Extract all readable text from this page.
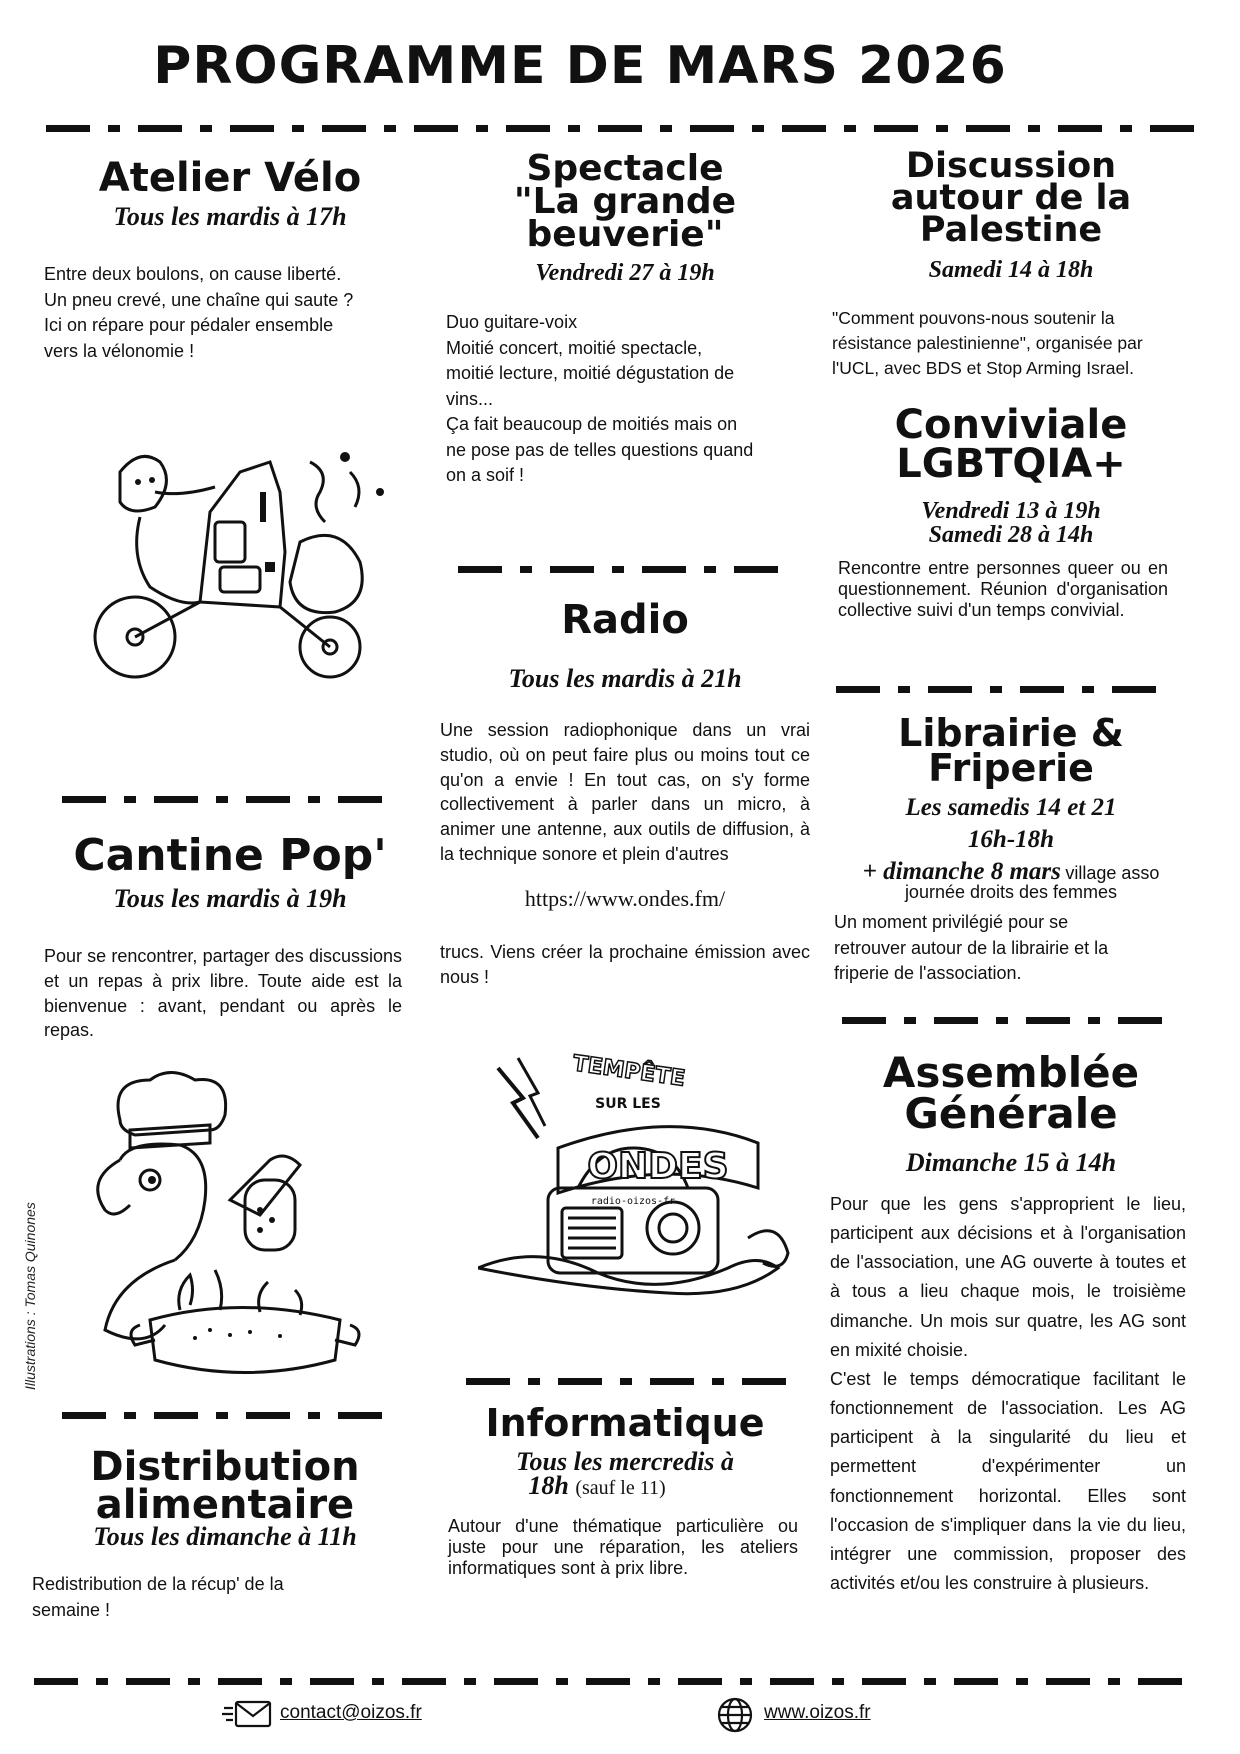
PROGRAMME DE MARS 2026
Atelier Vélo
Tous les mardis à 17h
Entre deux boulons, on cause liberté.
Un pneu crevé, une chaîne qui saute ?
Ici on répare pour pédaler ensemble
vers la vélonomie !
Cantine Pop'
Tous les mardis à 19h
Pour se rencontrer, partager des discussions et un repas à prix libre. Toute aide est la bienvenue : avant, pendant ou après le repas.
Illustrations : Tomas Quinones
Distribution
alimentaire
Tous les dimanche à 11h
Redistribution de la récup' de la
semaine !
Spectacle
"La grande
beuverie"
Vendredi 27 à 19h
Duo guitare-voix
Moitié concert, moitié spectacle,
moitié lecture, moitié dégustation de
vins...
Ça fait beaucoup de moitiés mais on
ne pose pas de telles questions quand
on a soif !
Radio
Tous les mardis à 21h
Une session radiophonique dans un vrai studio, où on peut faire plus ou moins tout ce qu'on a envie ! En tout cas, on s'y forme collectivement à parler dans un micro, à animer une antenne, aux outils de diffusion, à la technique sonore et plein d'autres
https://www.ondes.fm/
trucs. Viens créer la prochaine émission avec nous !
TEMPÊTE
SUR LES
ONDES
radio-oizos-fr
Informatique
Tous les mercredis à
18h (sauf le 11)
Autour d'une thématique particulière ou juste pour une réparation, les ateliers informatiques sont à prix libre.
Discussion
autour de la
Palestine
Samedi 14 à 18h
"Comment pouvons-nous soutenir la
résistance palestinienne", organisée par
l'UCL, avec BDS et Stop Arming Israel.
Conviviale
LGBTQIA+
Vendredi 13 à 19h
Samedi 28 à 14h
Rencontre entre personnes queer ou en questionnement. Réunion d'organisation collective suivi d'un temps convivial.
Librairie &
Friperie
Les samedis 14 et 21
16h-18h
+ dimanche 8 mars village asso journée droits des femmes
Un moment privilégié pour se
retrouver autour de la librairie et la
friperie de l'association.
Assemblée
Générale
Dimanche 15 à 14h
Pour que les gens s'approprient le lieu, participent aux décisions et à l'organisation de l'association, une AG ouverte à toutes et à tous a lieu chaque mois, le troisième dimanche. Un mois sur quatre, les AG sont en mixité choisie.
C'est le temps démocratique facilitant le fonctionnement de l'association. Les AG participent à la singularité du lieu et permettent d'expérimenter un fonctionnement horizontal. Elles sont l'occasion de s'impliquer dans la vie du lieu, intégrer une commission, proposer des activités et/ou les construire à plusieurs.
contact@oizos.fr	www.oizos.fr
